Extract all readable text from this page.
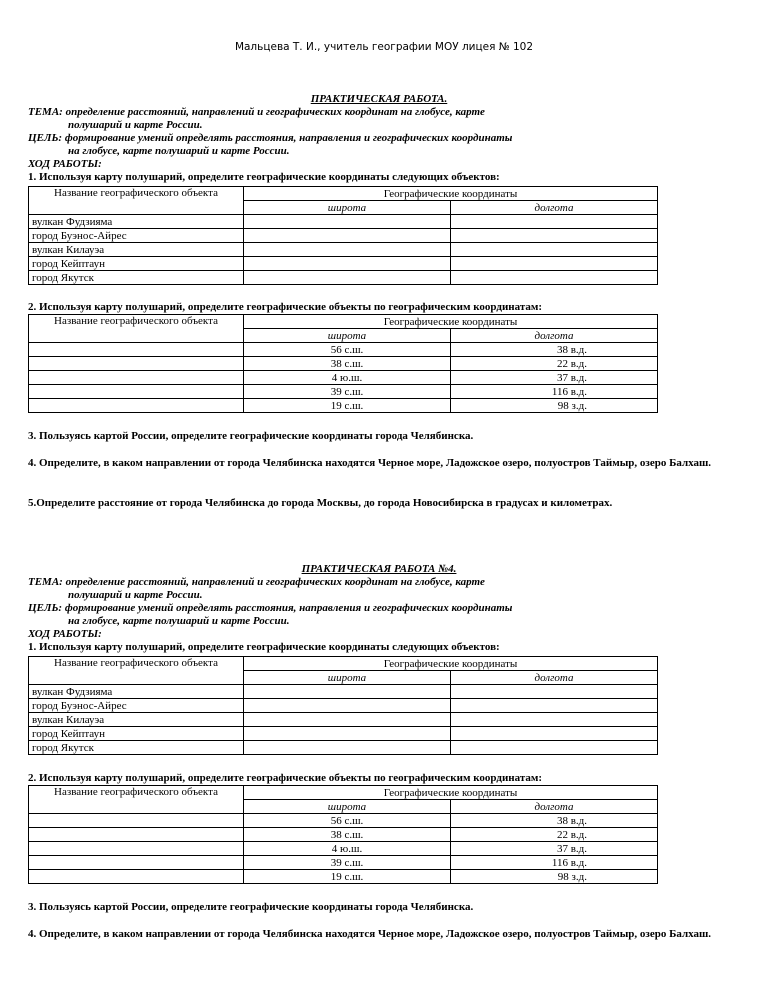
Мальцева Т. И., учитель географии МОУ лицея № 102
ПРАКТИЧЕСКАЯ РАБОТА.
ТЕМА: определение расстояний, направлений и географических координат на глобусе, карте
полушарий и карте России.
ЦЕЛЬ: формирование умений определять расстояния, направления и географических координаты
на глобусе, карте полушарий и карте России.
ХОД РАБОТЫ:
1. Используя карту полушарий, определите географические координаты следующих объектов:
Название географического объекта	Географические координаты	
	широта	долгота
вулкан Фудзияма		
город Буэнос-Айрес		
вулкан Килауэа		
город Кейптаун		
город Якутск		
2. Используя карту полушарий, определите географические объекты по географическим координатам:
Название географического объекта	Географические координаты	
	широта	долгота
	56 с.ш.	38 в.д.
	38 с.ш.	22 в.д.
	4 ю.ш.	37 в.д.
	39 с.ш.	116 в.д.
	19 с.ш.	98 з.д.
3. Пользуясь картой России, определите географические координаты города Челябинска.
4. Определите, в каком направлении от города Челябинска находятся Черное море, Ладожское озеро, полуостров Таймыр, озеро Балхаш.
5.Определите расстояние от города Челябинска до города Москвы, до города Новосибирска в градусах и километрах.
ПРАКТИЧЕСКАЯ РАБОТА №4.
ТЕМА: определение расстояний, направлений и географических координат на глобусе, карте
полушарий и карте России.
ЦЕЛЬ: формирование умений определять расстояния, направления и географических координаты
на глобусе, карте полушарий и карте России.
ХОД РАБОТЫ:
1. Используя карту полушарий, определите географические координаты следующих объектов:
Название географического объекта	Географические координаты	
	широта	долгота
вулкан Фудзияма		
город Буэнос-Айрес		
вулкан Килауэа		
город Кейптаун		
город Якутск		
2. Используя карту полушарий, определите географические объекты по географическим координатам:
Название географического объекта	Географические координаты	
	широта	долгота
	56 с.ш.	38 в.д.
	38 с.ш.	22 в.д.
	4 ю.ш.	37 в.д.
	39 с.ш.	116 в.д.
	19 с.ш.	98 з.д.
3. Пользуясь картой России, определите географические координаты города Челябинска.
4. Определите, в каком направлении от города Челябинска находятся Черное море, Ладожское озеро, полуостров Таймыр, озеро Балхаш.
